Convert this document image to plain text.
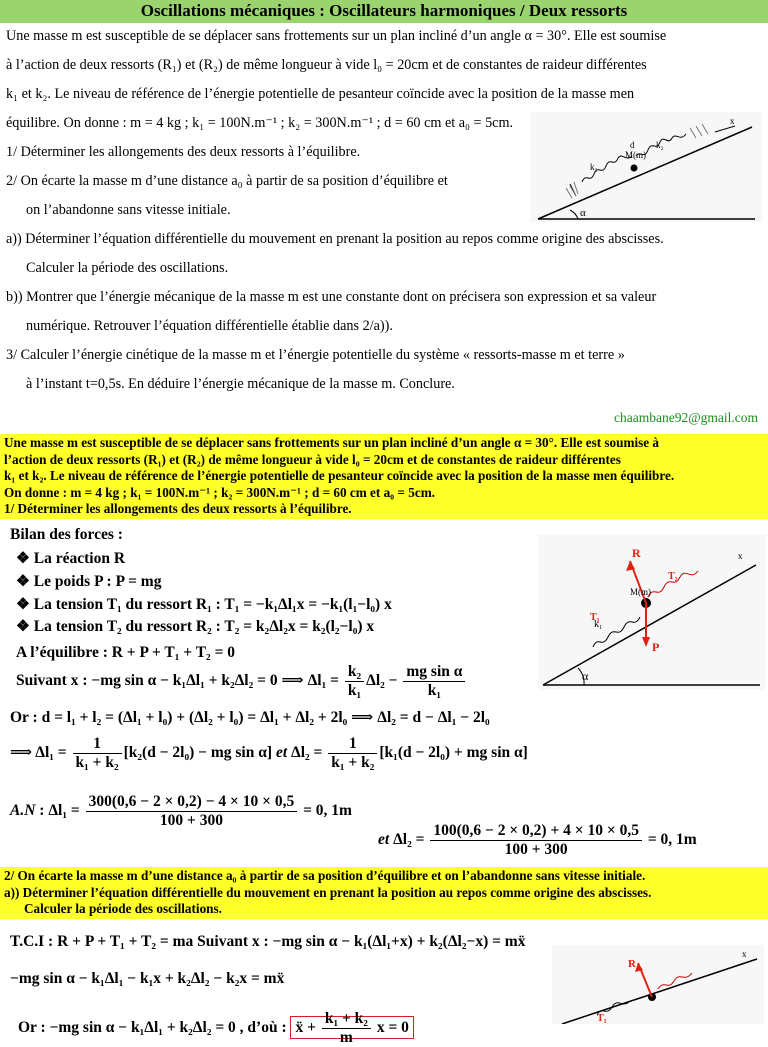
Oscillations mécaniques : Oscillateurs harmoniques / Deux ressorts
Une masse m est susceptible de se déplacer sans frottements sur un plan incliné d’un angle α = 30°. Elle est soumise
à l’action de deux ressorts (R₁) et (R₂) de même longueur à vide l₀ = 20cm et de constantes de raideur différentes
k₁ et k₂. Le niveau de référence de l’énergie potentielle de pesanteur coïncide avec la position de la masse men
équilibre. On donne : m = 4 kg ; k₁ = 100N.m⁻¹ ; k₂ = 300N.m⁻¹ ; d = 60 cm et a₀ = 5cm.
1/ Déterminer les allongements des deux ressorts à l’équilibre.
2/ On écarte la masse m d’une distance a₀ à partir de sa position d’équilibre et
on l’abandonne sans vitesse initiale.
a)) Déterminer l’équation différentielle du mouvement en prenant la position au repos comme origine des abscisses.
Calculer la période des oscillations.
b)) Montrer que l’énergie mécanique de la masse m est une constante dont on précisera son expression et sa valeur
numérique. Retrouver l’équation différentielle établie dans 2/a)).
3/ Calculer l’énergie cinétique de la masse m et l’énergie potentielle du système « ressorts-masse m et terre »
à l’instant t=0,5s. En déduire l’énergie mécanique de la masse m. Conclure.
α
k₁
M(m)
k₂
d
x
chaambane92@gmail.com
Une masse m est susceptible de se déplacer sans frottements sur un plan incliné d’un angle α = 30°. Elle est soumise à
l’action de deux ressorts (R₁) et (R₂) de même longueur à vide l₀ = 20cm et de constantes de raideur différentes
k₁ et k₂. Le niveau de référence de l’énergie potentielle de pesanteur coïncide avec la position de la masse men équilibre.
On donne : m = 4 kg ; k₁ = 100N.m⁻¹ ; k₂ = 300N.m⁻¹ ; d = 60 cm et a₀ = 5cm.
1/ Déterminer les allongements des deux ressorts à l’équilibre.
Bilan des forces :
❖ La réaction R
❖ Le poids P : P = mg
❖ La tension T₁ du ressort R₁ : T₁ = −k₁Δl₁x = −k₁(l₁−l₀) x
❖ La tension T₂ du ressort R₂ : T₂ = k₂Δl₂x = k₂(l₂−l₀) x
A l’équilibre : R + P + T₁ + T₂ = 0
Suivant x : −mg sin α − k₁Δl₁ + k₂Δl₂ = 0 ⟹ $\Delta l_1 = \frac{\text{k₂}}{\text{k₁}} \Delta l_2 - \frac{\text{mg sin α}}{\text{k₁}}$	α
R
P
k₁
T₁
T₂
M(m)
x
Or : d = l₁ + l₂ = (Δl₁ + l₀) + (Δl₂ + l₀) = Δl₁ + Δl₂ + 2l₀ ⟹ Δl₂ = d − Δl₁ − 2l₀
⟹ $\Delta l_1 = \frac{1}{\text{k₁ + k₂}} [k_2(d - 2l_0)$ − mg sin α] et $\Delta l_2 = \frac{1}{\text{k₁ + k₂}} [k_1(d - 2l_0)$ + mg sin α]
A.N : $\Delta l_1 = \frac{300(0,6 - 2 \times 0,2) - 4 \times 10 \times 0,5}{100 + 300} = 0$, 1m
et $\Delta l_2 = \frac{100(0,6 - 2 \times 0,2) + 4 \times 10 \times 0,5}{100 + 300} = 0$, 1m
2/ On écarte la masse m d’une distance a₀ à partir de sa position d’équilibre et on l’abandonne sans vitesse initiale.
a)) Déterminer l’équation différentielle du mouvement en prenant la position au repos comme origine des abscisses.
Calculer la période des oscillations.
T.C.I : R + P + T₁ + T₂ = ma Suivant x : −mg sin α − k₁(Δl₁+x) + k₂(Δl₂−x) = mẍ
−mg sin α − k₁Δl₁ − k₁x + k₂Δl₂ − k₂x = mẍ
Or : −mg sin α − k₁Δl₁ + k₂Δl₂ = 0 , d’où : ẍ + $\frac{\text{k₁ + k₂}}{m}$ x = 0
R
T₁
x
